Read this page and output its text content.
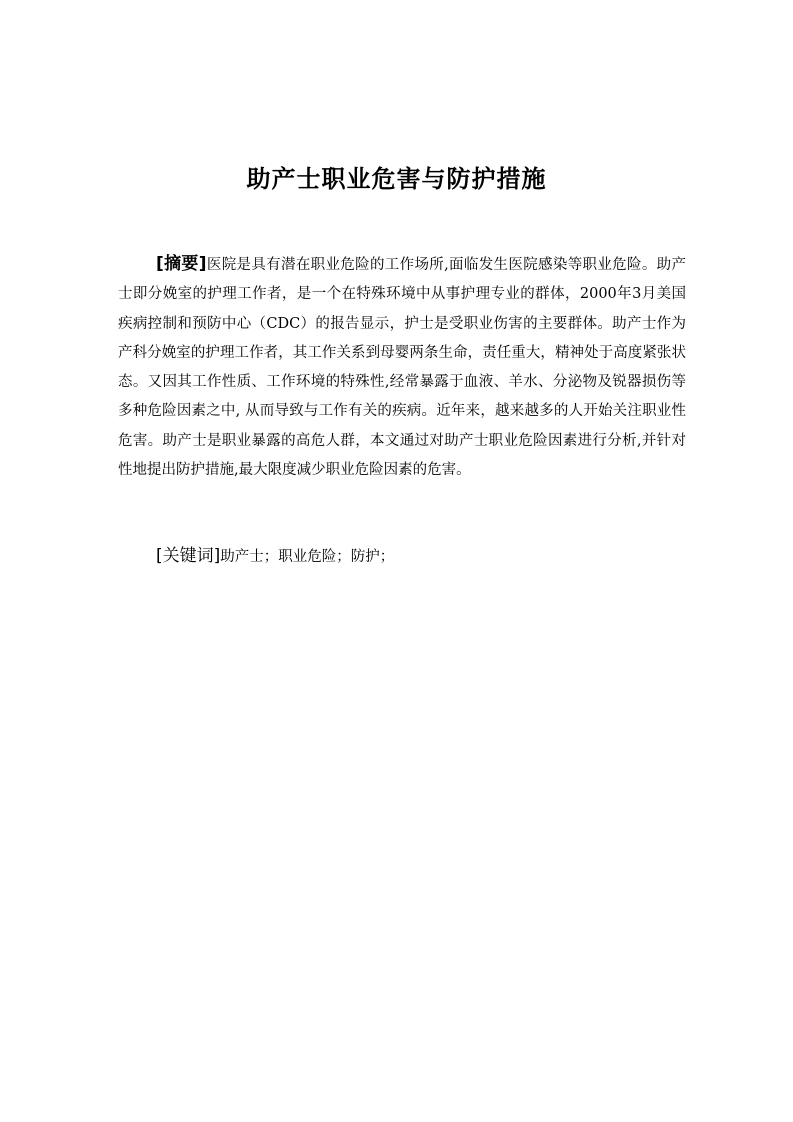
助产士职业危害与防护措施

[摘要]医院是具有潜在职业危险的工作场所,面临发生医院感染等职业危险。助产士即分娩室的护理工作者，是一个在特殊环境中从事护理专业的群体，2000年3月美国疾病控制和预防中心（CDC）的报告显示，护士是受职业伤害的主要群体。助产士作为产科分娩室的护理工作者，其工作关系到母婴两条生命，责任重大，精神处于高度紧张状态。又因其工作性质、工作环境的特殊性,经常暴露于血液、羊水、分泌物及锐器损伤等多种危险因素之中, 从而导致与工作有关的疾病。近年来，越来越多的人开始关注职业性危害。助产士是职业暴露的高危人群，本文通过对助产士职业危险因素进行分析,并针对性地提出防护措施,最大限度减少职业危险因素的危害。

[关键词]助产士；职业危险；防护；
